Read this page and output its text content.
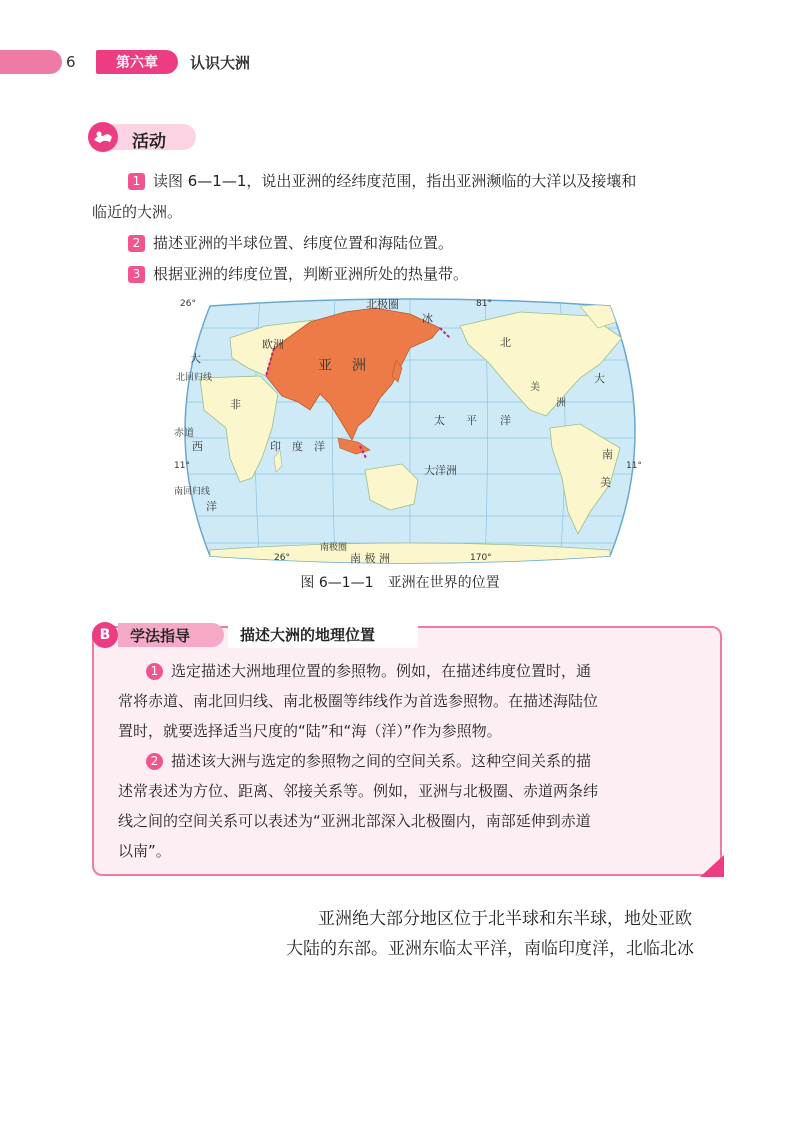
6	第六章	认识大洲
活动
1 读图 6—1—1，说出亚洲的经纬度范围，指出亚洲濒临的大洋以及接壤和
临近的大洲。
2 描述亚洲的半球位置、纬度位置和海陆位置。
3 根据亚洲的纬度位置，判断亚洲所处的热量带。
北极圈
冰
26°	81°
欧洲
亚 洲
非
大
西
洋
北回归线
赤道
11°
南回归线
印 度 洋
太 平 洋
大洋洲
北
美
洲
大
南
美
11°
南极圈
南 极 洲
26°	170°
图 6—1—1　亚洲在世界的位置
B	学法指导	描述大洲的地理位置
1 选定描述大洲地理位置的参照物。例如，在描述纬度位置时，通
常将赤道、南北回归线、南北极圈等纬线作为首选参照物。在描述海陆位
置时，就要选择适当尺度的“陆”和“海（洋）”作为参照物。
2 描述该大洲与选定的参照物之间的空间关系。这种空间关系的描
述常表述为方位、距离、邻接关系等。例如，亚洲与北极圈、赤道两条纬
线之间的空间关系可以表述为“亚洲北部深入北极圈内，南部延伸到赤道
以南”。
亚洲绝大部分地区位于北半球和东半球，地处亚欧
大陆的东部。亚洲东临太平洋，南临印度洋，北临北冰
